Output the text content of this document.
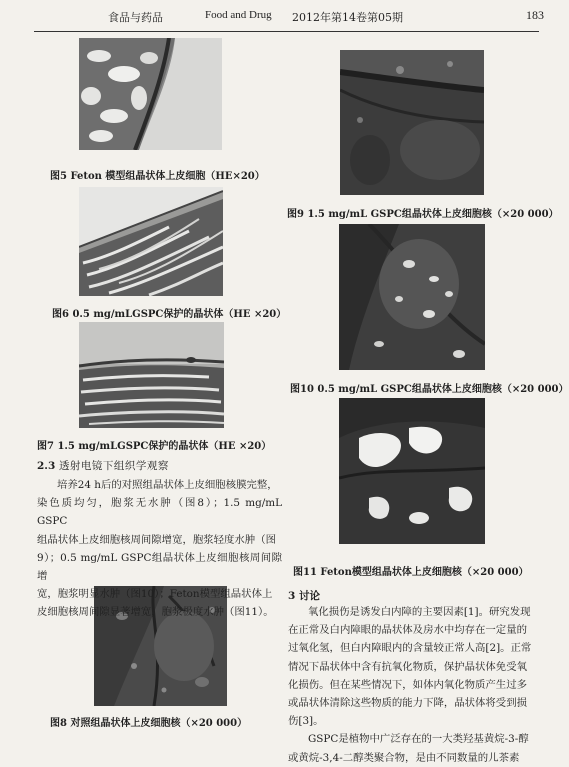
食品与药品	Food and Drug 2012年第14卷第05期	183
图5 Feton 模型组晶状体上皮细胞（HE×20）
图6 0.5 mg/mLGSPC保护的晶状体（HE ×20）
图7 1.5 mg/mLGSPC保护的晶状体（HE ×20）
图8 对照组晶状体上皮细胞核（×20 000）
图9 1.5 mg/mL GSPC组晶状体上皮细胞核（×20 000）
图10 0.5 mg/mL GSPC组晶状体上皮细胞核（×20 000）
图11 Feton模型组晶状体上皮细胞核（×20 000）
2.3 透射电镜下组织学观察
培养24 h后的对照组晶状体上皮细胞核膜完整，
染色质均匀，胞浆无水肿（图8）；1.5 mg/mL GSPC
组晶状体上皮细胞核周间隙增宽，胞浆轻度水肿（图
9）；0.5 mg/mL GSPC组晶状体上皮细胞核周间隙增
宽，胞浆明显水肿（图10）；Feton模型组晶状体上
皮细胞核周间隙显著增宽，胞浆极度水肿（图11）。
3 讨论
氧化损伤是诱发白内障的主要因素[1]。研究发现
在正常及白内障眼的晶状体及房水中均存在一定量的
过氧化氢，但白内障眼内的含量较正常人高[2]。正常
情况下晶状体中含有抗氧化物质，保护晶状体免受氧
化损伤。但在某些情况下，如体内氧化物质产生过多
或晶状体清除这些物质的能力下降，晶状体将受到损
伤[3]。
GSPC是植物中广泛存在的一大类羟基黄烷-3-醇
或黄烷-3,4-二醇类聚合物，是由不同数量的儿茶素
